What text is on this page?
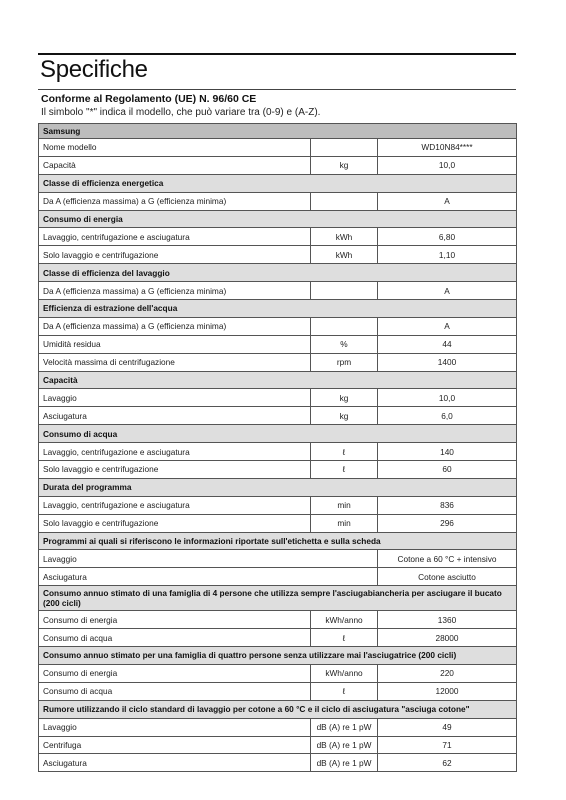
Specifiche
Conforme al Regolamento (UE) N. 96/60 CE
Il simbolo "*" indica il modello, che può variare tra (0-9) e (A-Z).
Samsung		
Nome modello		WD10N84****
Capacità	kg	10,0
Classe di efficienza energetica		
Da A (efficienza massima) a G (efficienza minima)		A
Consumo di energia		
Lavaggio, centrifugazione e asciugatura	kWh	6,80
Solo lavaggio e centrifugazione	kWh	1,10
Classe di efficienza del lavaggio		
Da A (efficienza massima) a G (efficienza minima)		A
Efficienza di estrazione dell'acqua		
Da A (efficienza massima) a G (efficienza minima)		A
Umidità residua	%	44
Velocità massima di centrifugazione	rpm	1400
Capacità		
Lavaggio	kg	10,0
Asciugatura	kg	6,0
Consumo di acqua		
Lavaggio, centrifugazione e asciugatura	ℓ	140
Solo lavaggio e centrifugazione	ℓ	60
Durata del programma		
Lavaggio, centrifugazione e asciugatura	min	836
Solo lavaggio e centrifugazione	min	296
Programmi ai quali si riferiscono le informazioni riportate sull'etichetta e sulla scheda		
Lavaggio		Cotone a 60 °C + intensivo
Asciugatura		Cotone asciutto
Consumo annuo stimato di una famiglia di 4 persone che utilizza sempre l'asciugabiancheria per asciugare il bucato (200 cicli)		
Consumo di energia	kWh/anno	1360
Consumo di acqua	ℓ	28000
Consumo annuo stimato per una famiglia di quattro persone senza utilizzare mai l'asciugatrice (200 cicli)		
Consumo di energia	kWh/anno	220
Consumo di acqua	ℓ	12000
Rumore utilizzando il ciclo standard di lavaggio per cotone a 60 °C e il ciclo di asciugatura "asciuga cotone"		
Lavaggio	dB (A) re 1 pW	49
Centrifuga	dB (A) re 1 pW	71
Asciugatura	dB (A) re 1 pW	62
